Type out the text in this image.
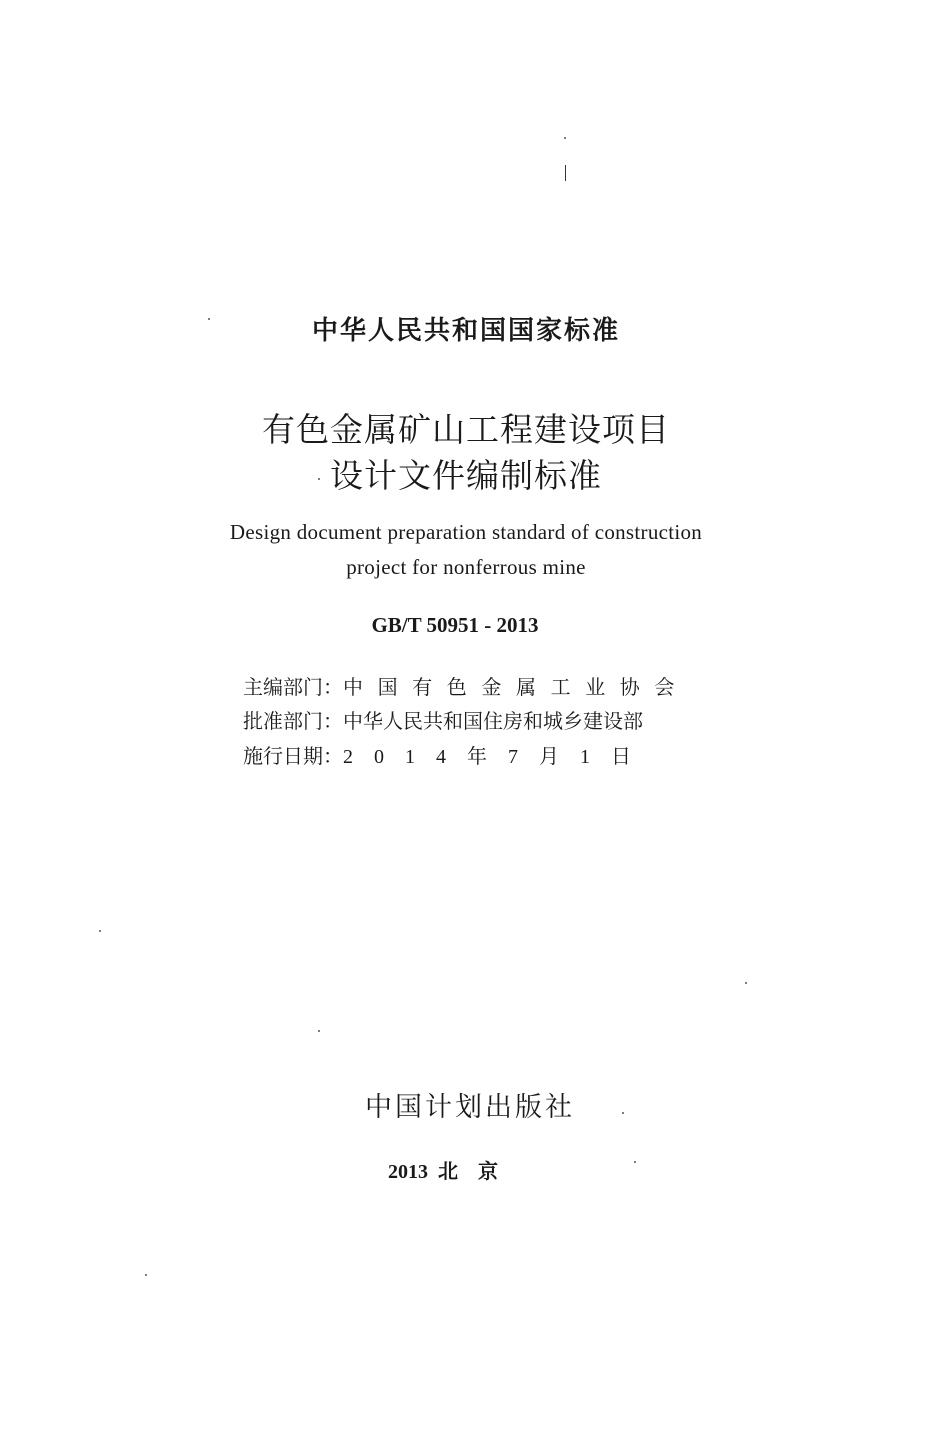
中华人民共和国国家标准
有色金属矿山工程建设项目
设计文件编制标准
Design document preparation standard of construction
project for nonferrous mine
GB/T 50951 - 2013
主编部门： 中国有色金属工业协会
批准部门： 中华人民共和国住房和城乡建设部
施行日期： 2 0 1 4 年 7 月 1 日
中国计划出版社
2013  北    京
